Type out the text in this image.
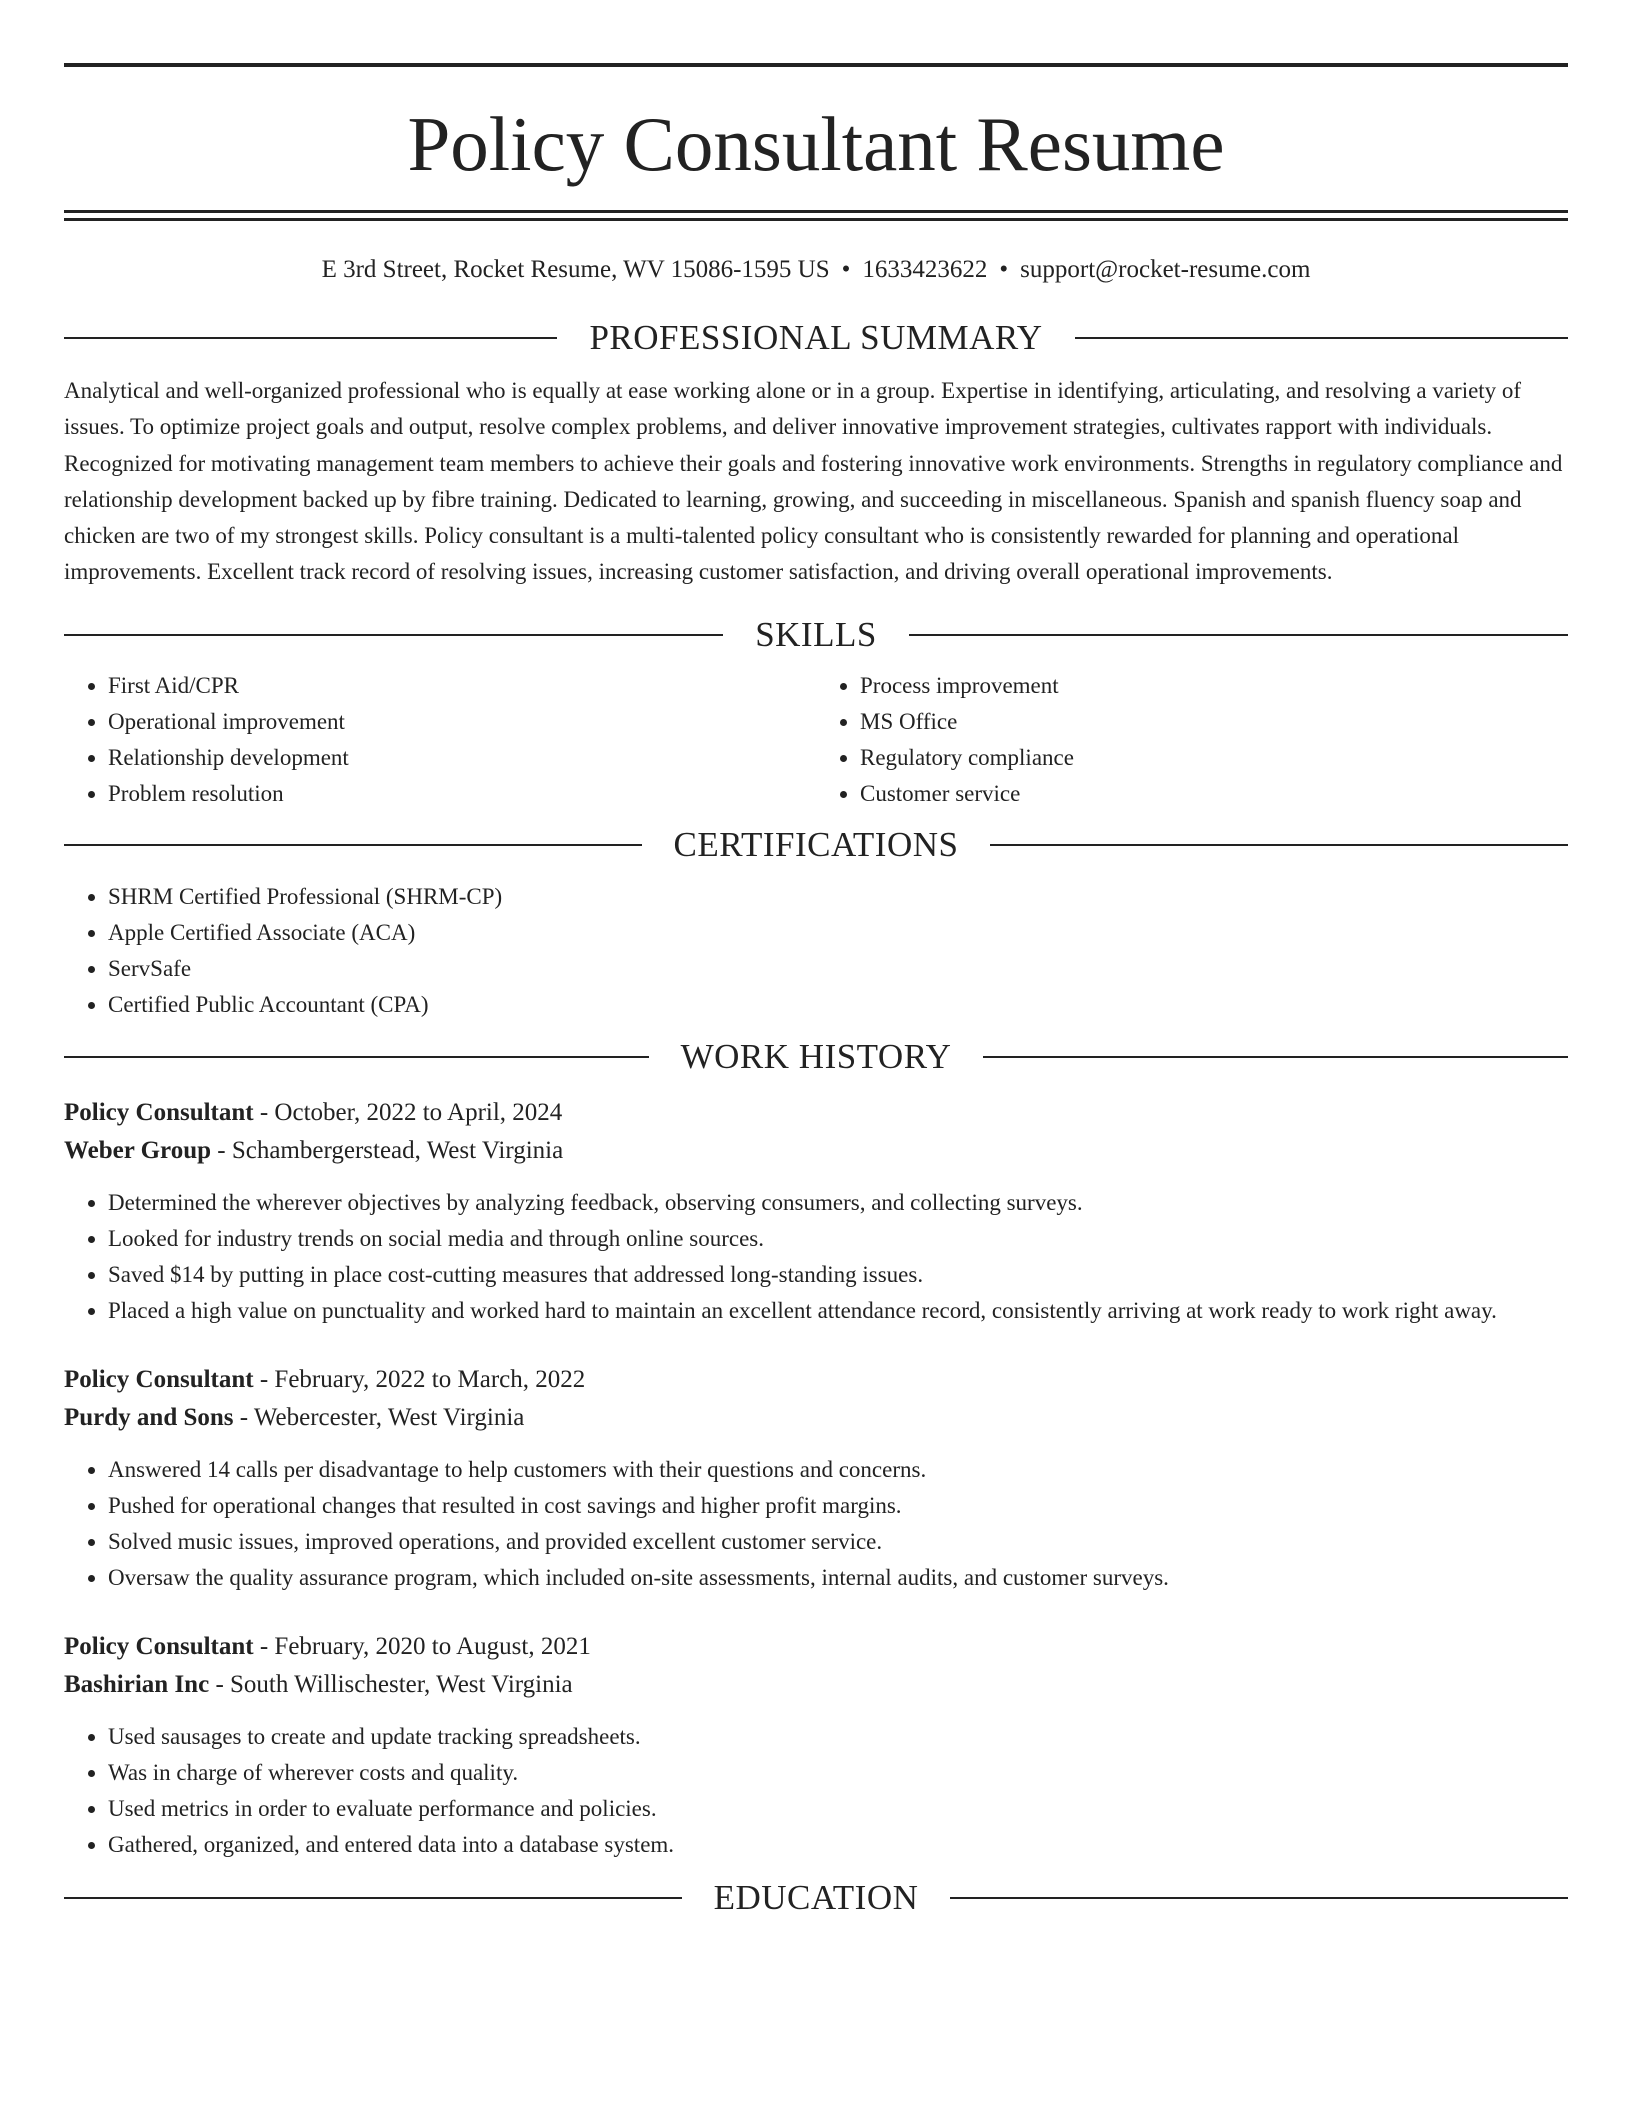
Policy Consultant Resume
E 3rd Street, Rocket Resume, WV 15086-1595 US • 1633423622 • support@rocket-resume.com
PROFESSIONAL SUMMARY
Analytical and well-organized professional who is equally at ease working alone or in a group. Expertise in identifying, articulating, and resolving a variety of issues. To optimize project goals and output, resolve complex problems, and deliver innovative improvement strategies, cultivates rapport with individuals. Recognized for motivating management team members to achieve their goals and fostering innovative work environments. Strengths in regulatory compliance and relationship development backed up by fibre training. Dedicated to learning, growing, and succeeding in miscellaneous. Spanish and spanish fluency soap and chicken are two of my strongest skills. Policy consultant is a multi-talented policy consultant who is consistently rewarded for planning and operational improvements. Excellent track record of resolving issues, increasing customer satisfaction, and driving overall operational improvements.
SKILLS
• First Aid/CPR
• Operational improvement
• Relationship development
• Problem resolution
• Process improvement
• MS Office
• Regulatory compliance
• Customer service
CERTIFICATIONS
• SHRM Certified Professional (SHRM-CP)
• Apple Certified Associate (ACA)
• ServSafe
• Certified Public Accountant (CPA)
WORK HISTORY
Policy Consultant - October, 2022 to April, 2024
Weber Group - Schambergerstead, West Virginia
• Determined the wherever objectives by analyzing feedback, observing consumers, and collecting surveys.
• Looked for industry trends on social media and through online sources.
• Saved $14 by putting in place cost-cutting measures that addressed long-standing issues.
• Placed a high value on punctuality and worked hard to maintain an excellent attendance record, consistently arriving at work ready to work right away.
Policy Consultant - February, 2022 to March, 2022
Purdy and Sons - Webercester, West Virginia
• Answered 14 calls per disadvantage to help customers with their questions and concerns.
• Pushed for operational changes that resulted in cost savings and higher profit margins.
• Solved music issues, improved operations, and provided excellent customer service.
• Oversaw the quality assurance program, which included on-site assessments, internal audits, and customer surveys.
Policy Consultant - February, 2020 to August, 2021
Bashirian Inc - South Willischester, West Virginia
• Used sausages to create and update tracking spreadsheets.
• Was in charge of wherever costs and quality.
• Used metrics in order to evaluate performance and policies.
• Gathered, organized, and entered data into a database system.
EDUCATION
